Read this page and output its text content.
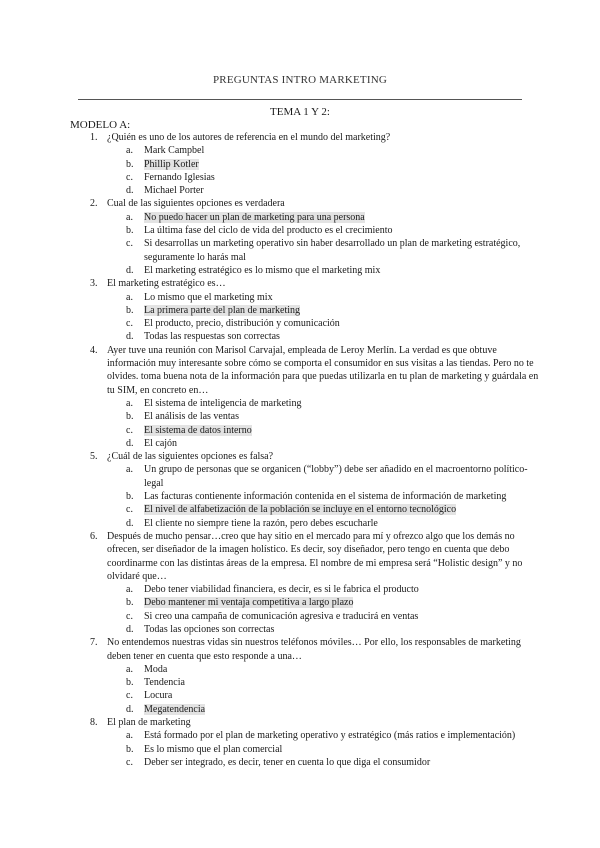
PREGUNTAS INTRO MARKETING
TEMA 1 Y 2:
MODELO A:
1. ¿Quién es uno de los autores de referencia en el mundo del marketing?
a. Mark Campbel
b. Phillip Kotler
c. Fernando Iglesias
d. Michael Porter
2. Cual de las siguientes opciones es verdadera
a. No puedo hacer un plan de marketing para una persona
b. La última fase del ciclo de vida del producto es el crecimiento
c. Si desarrollas un marketing operativo sin haber desarrollado un plan de marketing estratégico, seguramente lo harás mal
d. El marketing estratégico es lo mismo que el marketing mix
3. El marketing estratégico es…
a. Lo mismo que el marketing mix
b. La primera parte del plan de marketing
c. El producto, precio, distribución y comunicación
d. Todas las respuestas son correctas
4. Ayer tuve una reunión con Marisol Carvajal, empleada de Leroy Merlín. La verdad es que obtuve información muy interesante sobre cómo se comporta el consumidor en sus visitas a las tiendas. Pero no te olvides. toma buena nota de la información para que puedas utilizarla en tu plan de marketing y guárdala en tu SIM, en concreto en…
a. El sistema de inteligencia de marketing
b. El análisis de las ventas
c. El sistema de datos interno
d. El cajón
5. ¿Cuál de las siguientes opciones es falsa?
a. Un grupo de personas que se organicen (“lobby”) debe ser añadido en el macroentorno político-legal
b. Las facturas contienente información contenida en el sistema de información de marketing
c. El nivel de alfabetización de la población se incluye en el entorno tecnológico
d. El cliente no siempre tiene la razón, pero debes escucharle
6. Después de mucho pensar…creo que hay sitio en el mercado para mí y ofrezco algo que los demás no ofrecen, ser diseñador de la imagen holístico. Es decir, soy diseñador, pero tengo en cuenta que debo coordinarme con las distintas áreas de la empresa. El nombre de mi empresa será “Holistic design” y no olvidaré que…
a. Debo tener viabilidad financiera, es decir, es si le fabrica el producto
b. Debo mantener mi ventaja competitiva a largo plazo
c. Si creo una campaña de comunicación agresiva e traducirá en ventas
d. Todas las opciones son correctas
7. No entendemos nuestras vidas sin nuestros teléfonos móviles… Por ello, los responsables de marketing deben tener en cuenta que esto responde a una…
a. Moda
b. Tendencia
c. Locura
d. Megatendencia
8. El plan de marketing
a. Está formado por el plan de marketing operativo y estratégico (más ratios e implementación)
b. Es lo mismo que el plan comercial
c. Deber ser integrado, es decir, tener en cuenta lo que diga el consumidor
